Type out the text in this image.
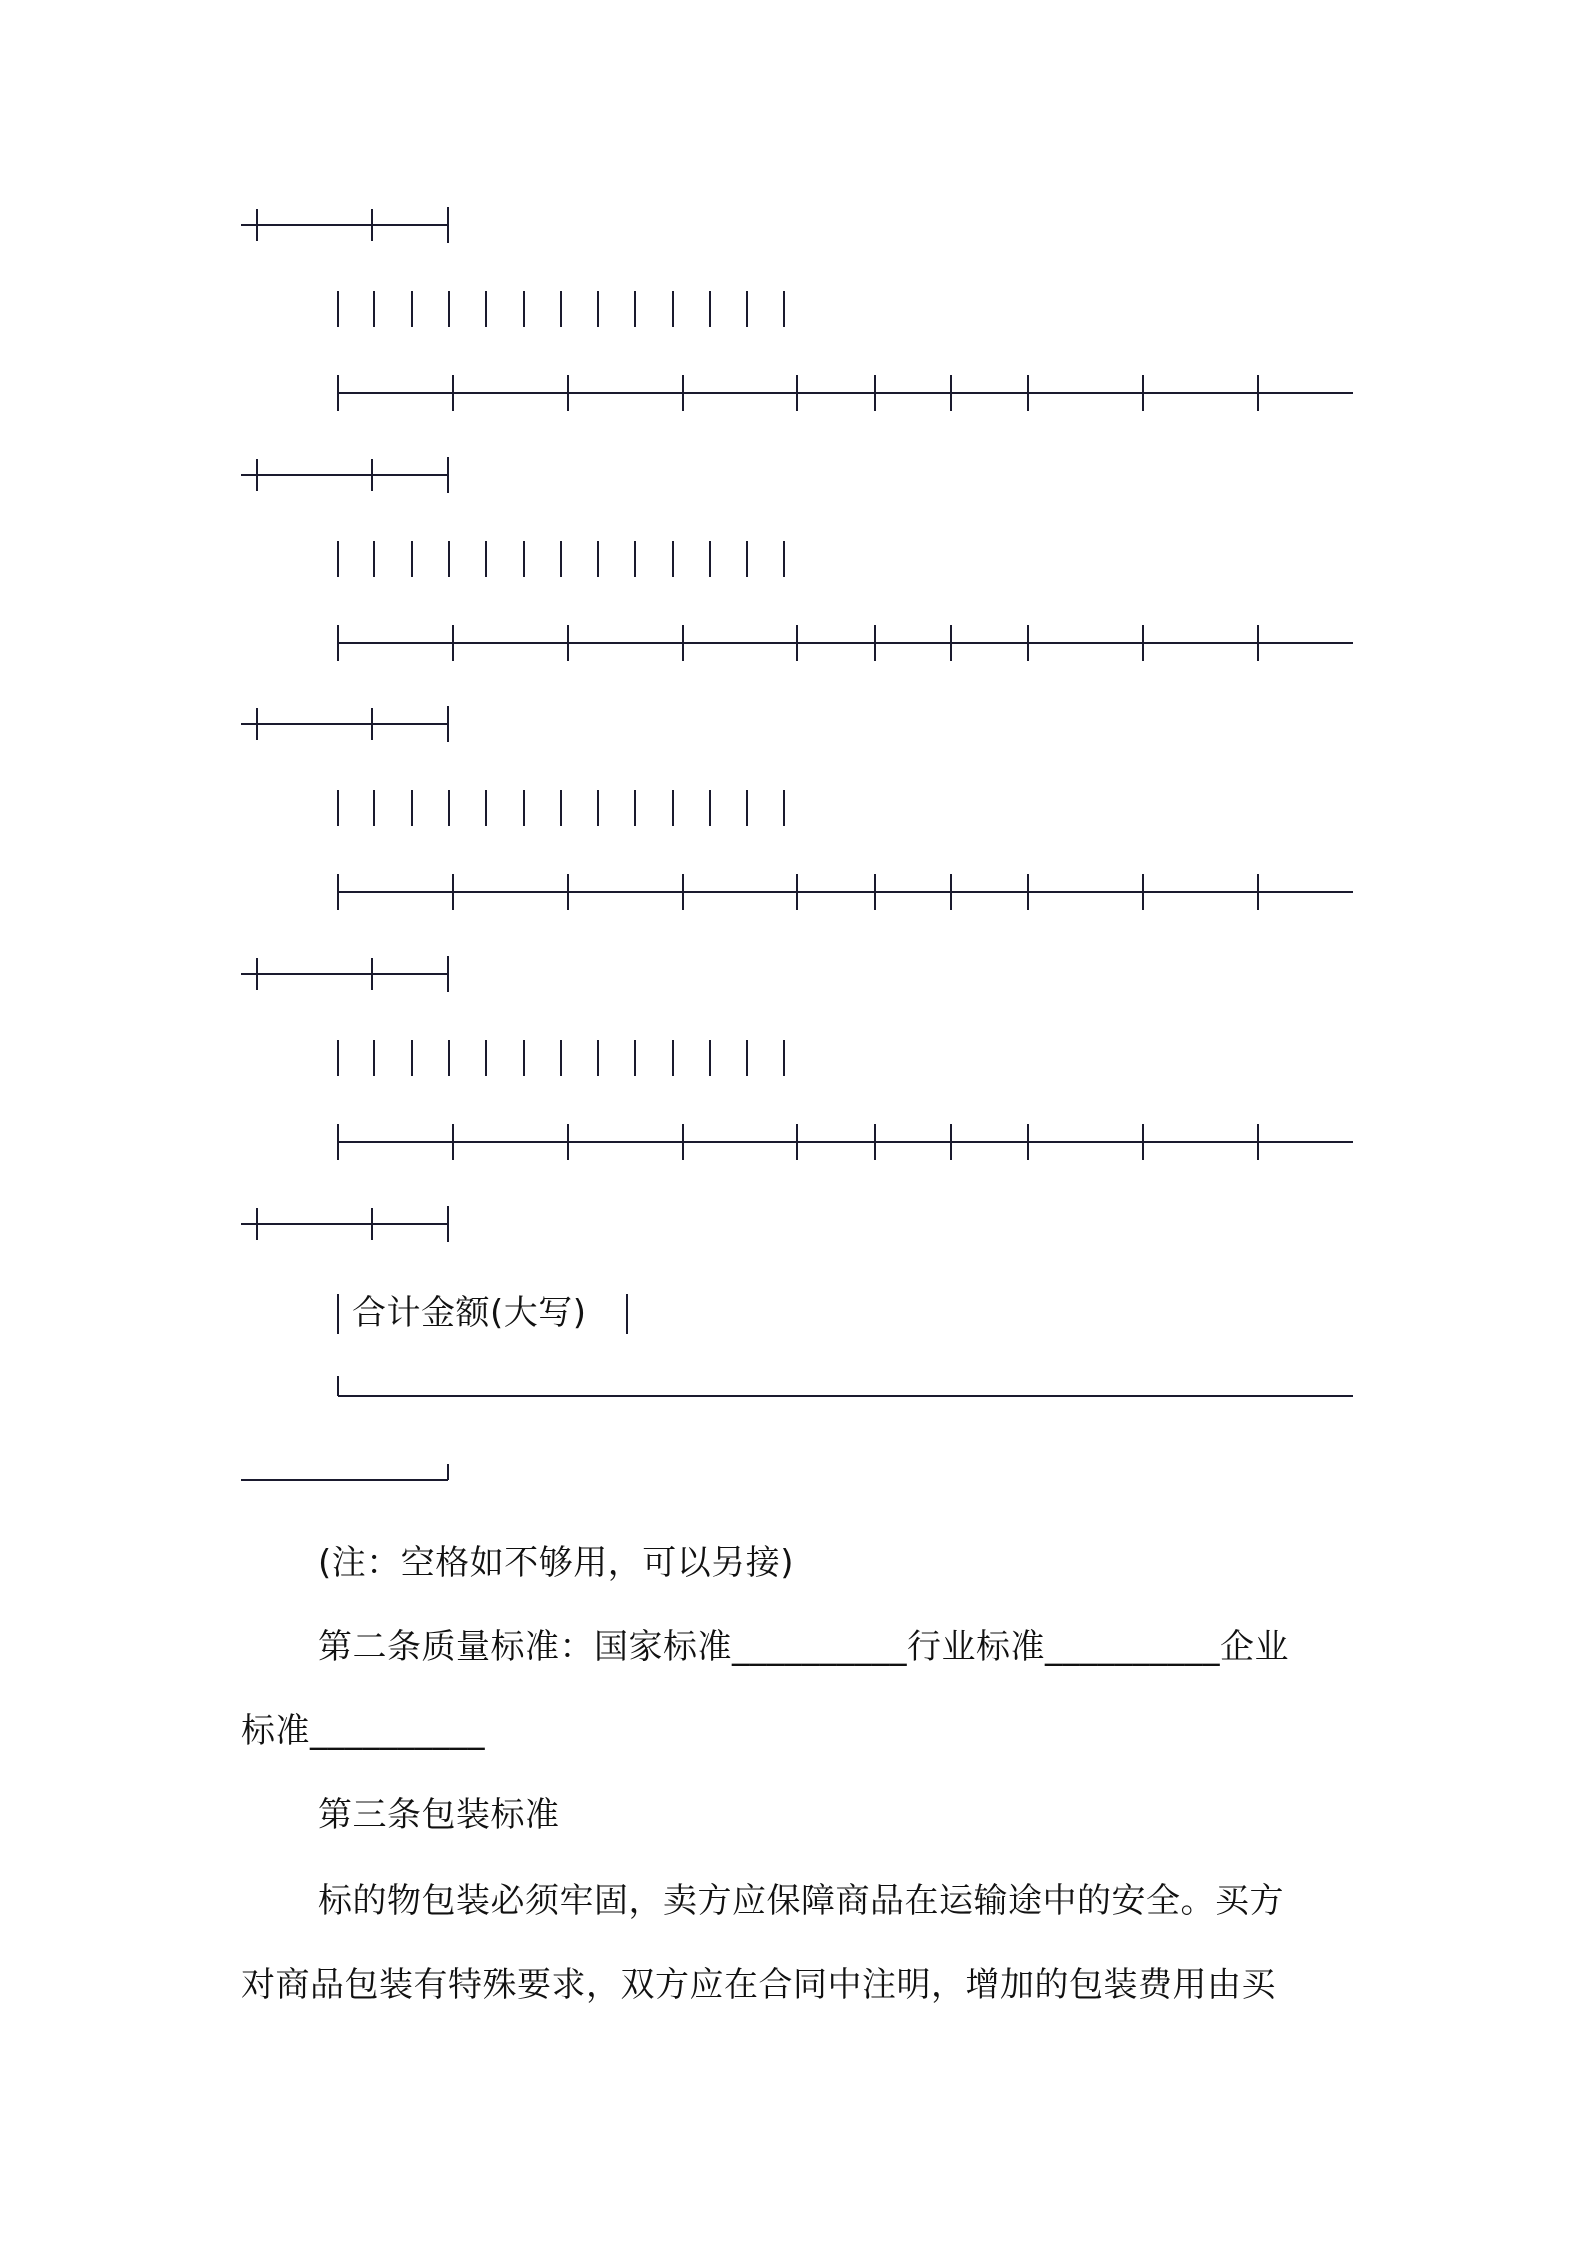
合计金额(大写)
(注：空格如不够用，可以另接)
第二条质量标准：国家标准__________行业标准__________企业
标准__________
第三条包装标准
标的物包装必须牢固，卖方应保障商品在运输途中的安全。买方
对商品包装有特殊要求，双方应在合同中注明，增加的包装费用由买
